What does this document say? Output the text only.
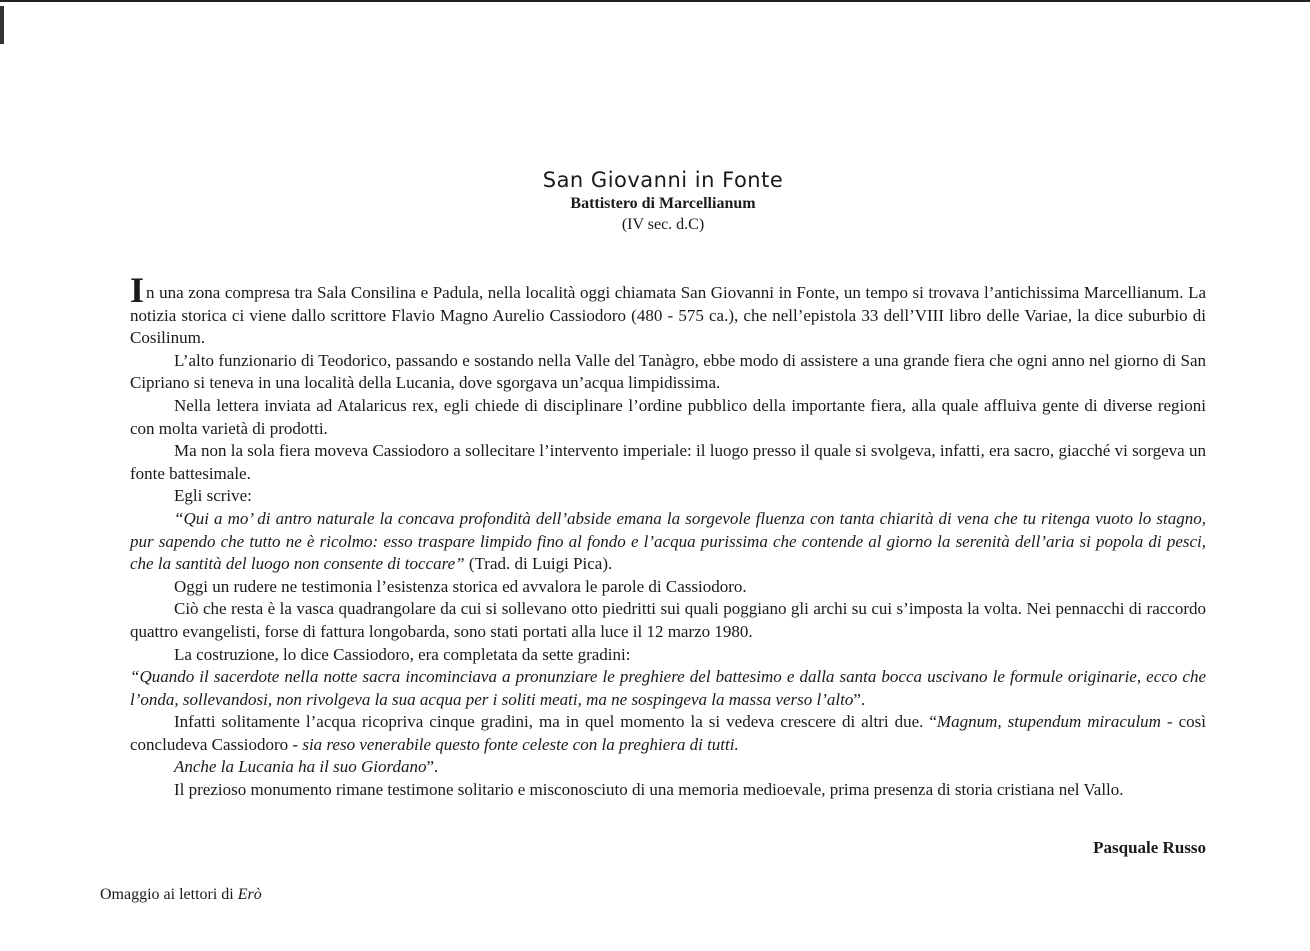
San Giovanni in Fonte
Battistero di Marcellianum
(IV sec. d.C)

In una zona compresa tra Sala Consilina e Padula, nella località oggi chiamata San Giovanni in Fonte, un tempo si trovava l’antichissima Marcellianum. La notizia storica ci viene dallo scrittore Flavio Magno Aurelio Cassiodoro (480 - 575 ca.), che nell’epistola 33 dell’VIII libro delle Variae, la dice suburbio di Cosilinum.

L’alto funzionario di Teodorico, passando e sostando nella Valle del Tanàgro, ebbe modo di assistere a una grande fiera che ogni anno nel giorno di San Cipriano si teneva in una località della Lucania, dove sgorgava un’acqua limpidissima.

Nella lettera inviata ad Atalaricus rex, egli chiede di disciplinare l’ordine pubblico della importante fiera, alla quale affluiva gente di diverse regioni con molta varietà di prodotti.

Ma non la sola fiera moveva Cassiodoro a sollecitare l’intervento imperiale: il luogo presso il quale si svolgeva, infatti, era sacro, giacché vi sorgeva un fonte battesimale.

Egli scrive:

“Qui a mo’ di antro naturale la concava profondità dell’abside emana la sorgevole fluenza con tanta chiarità di vena che tu ritenga vuoto lo stagno, pur sapendo che tutto ne è ricolmo: esso traspare limpido fino al fondo e l’acqua purissima che contende al giorno la serenità dell’aria si popola di pesci, che la santità del luogo non consente di toccare” (Trad. di Luigi Pica).

Oggi un rudere ne testimonia l’esistenza storica ed avvalora le parole di Cassiodoro.

Ciò che resta è la vasca quadrangolare da cui si sollevano otto piedritti sui quali poggiano gli archi su cui s’imposta la volta. Nei pennacchi di raccordo quattro evangelisti, forse di fattura longobarda, sono stati portati alla luce il 12 marzo 1980.

La costruzione, lo dice Cassiodoro, era completata da sette gradini:

“Quando il sacerdote nella notte sacra incominciava a pronunziare le preghiere del battesimo e dalla santa bocca uscivano le formule originarie, ecco che l’onda, sollevandosi, non rivolgeva la sua acqua per i soliti meati, ma ne sospingeva la massa verso l’alto”.

Infatti solitamente l’acqua ricopriva cinque gradini, ma in quel momento la si vedeva crescere di altri due. “Magnum, stupendum miraculum - così concludeva Cassiodoro - sia reso venerabile questo fonte celeste con la preghiera di tutti.

Anche la Lucania ha il suo Giordano”.

Il prezioso monumento rimane testimone solitario e misconosciuto di una memoria medioevale, prima presenza di storia cristiana nel Vallo.

Pasquale Russo
Omaggio ai lettori di Erò
